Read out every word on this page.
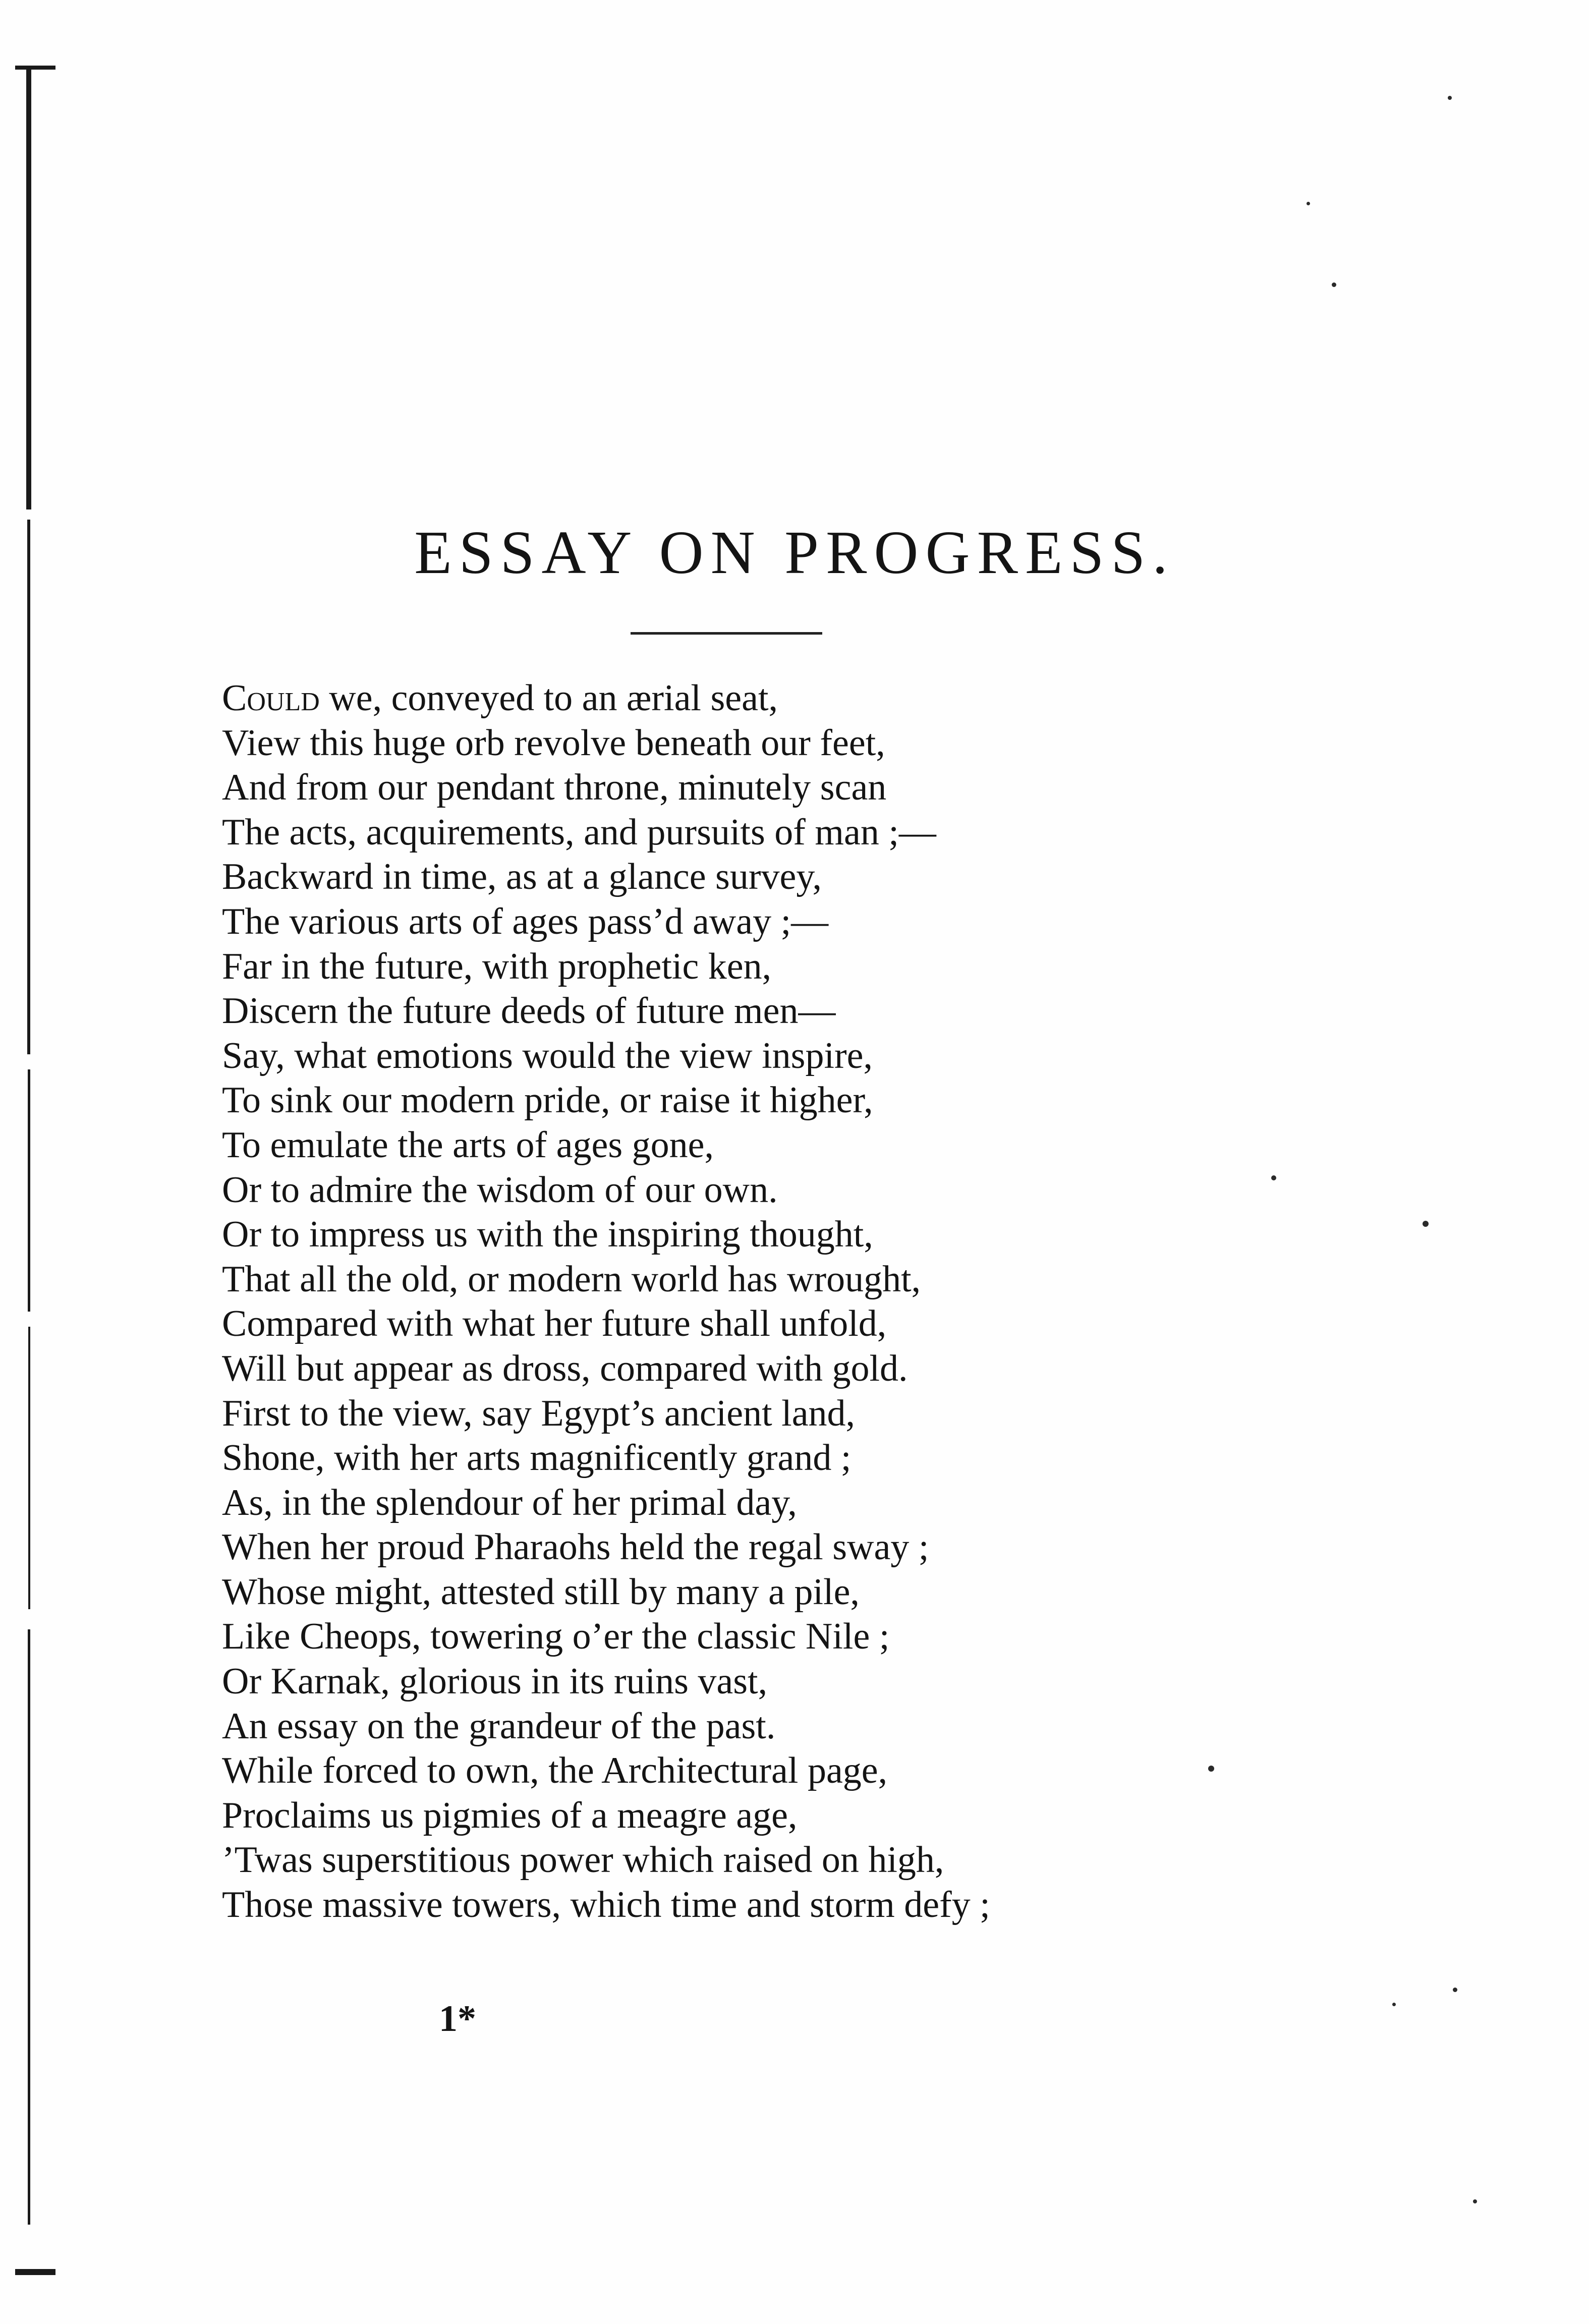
ESSAY ON PROGRESS.
Could we, conveyed to an ærial seat,
View this huge orb revolve beneath our feet,
And from our pendant throne, minutely scan
The acts, acquirements, and pursuits of man ;—
Backward in time, as at a glance survey,
The various arts of ages pass’d away ;—
Far in the future, with prophetic ken,
Discern the future deeds of future men—
Say, what emotions would the view inspire,
To sink our modern pride, or raise it higher,
To emulate the arts of ages gone,
Or to admire the wisdom of our own.
Or to impress us with the inspiring thought,
That all the old, or modern world has wrought,
Compared with what her future shall unfold,
Will but appear as dross, compared with gold.
First to the view, say Egypt’s ancient land,
Shone, with her arts magnificently grand ;
As, in the splendour of her primal day,
When her proud Pharaohs held the regal sway ;
Whose might, attested still by many a pile,
Like Cheops, towering o’er the classic Nile ;
Or Karnak, glorious in its ruins vast,
An essay on the grandeur of the past.
While forced to own, the Architectural page,
Proclaims us pigmies of a meagre age,
’Twas superstitious power which raised on high,
Those massive towers, which time and storm defy ;
1*
